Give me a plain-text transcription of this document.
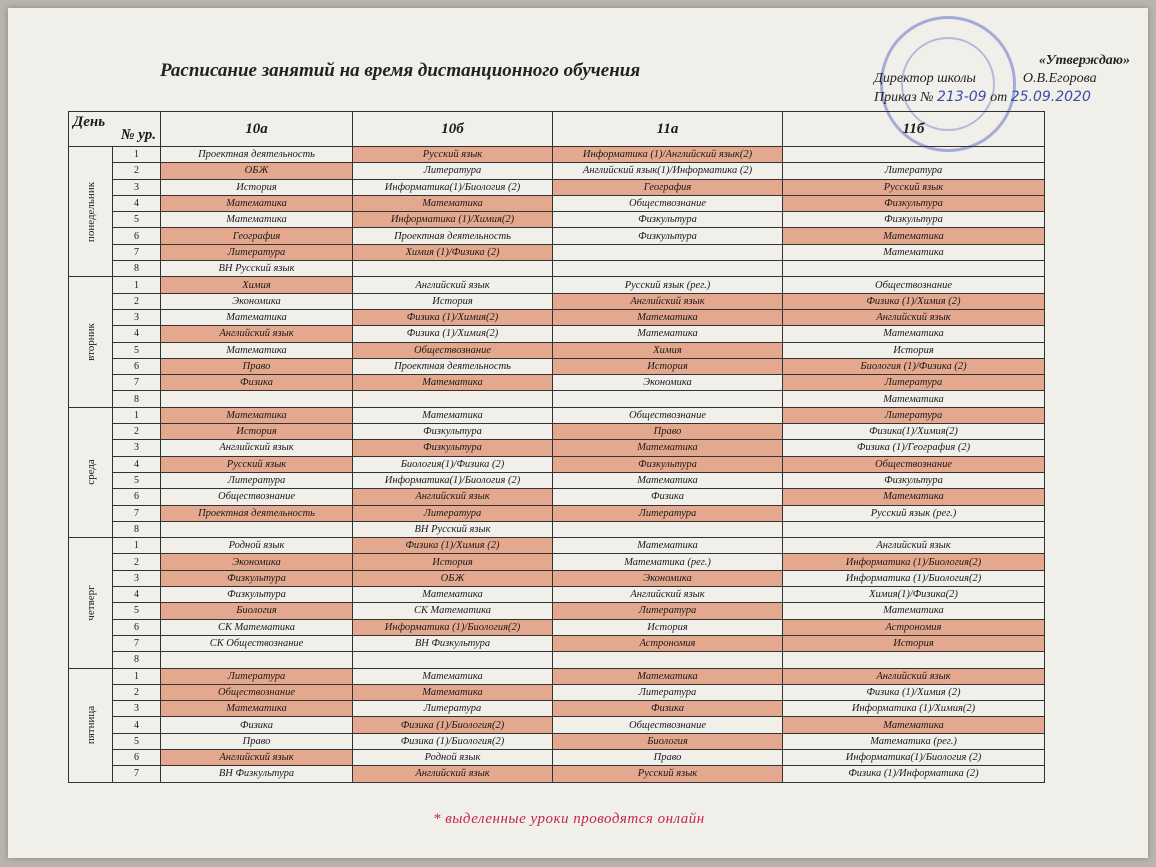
Расписание занятий на время дистанционного обучения	«Утверждаю»
Директор школы	О.В.Егорова
Приказ № 213-09 от 25.09.2020
День
№ ур.		10а	10б	11а	11б

понедельник	1	Проектная деятельность	Русский язык	Информатика (1)/Английский язык(2)	
	2	ОБЖ	Литература	Английский язык(1)/Информатика (2)	Литература
	3	История	Информатика(1)/Биология (2)	География	Русский язык
	4	Математика	Математика	Обществознание	Физкультура
	5	Математика	Информатика (1)/Химия(2)	Физкультура	Физкультура
	6	География	Проектная деятельность	Физкультура	Математика
	7	Литература	Химия (1)/Физика (2)		Математика
	8	ВН Русский язык			

вторник	1	Химия	Английский язык	Русский язык (рег.)	Обществознание
	2	Экономика	История	Английский язык	Физика (1)/Химия (2)
	3	Математика	Физика (1)/Химия(2)	Математика	Английский язык
	4	Английский язык	Физика (1)/Химия(2)	Математика	Математика
	5	Математика	Обществознание	Химия	История
	6	Право	Проектная деятельность	История	Биология (1)/Физика (2)
	7	Физика	Математика	Экономика	Литература
	8				Математика

среда	1	Математика	Математика	Обществознание	Литература
	2	История	Физкультура	Право	Физика(1)/Химия(2)
	3	Английский язык	Физкультура	Математика	Физика (1)/География (2)
	4	Русский язык	Биология(1)/Физика (2)	Физкультура	Обществознание
	5	Литература	Информатика(1)/Биология (2)	Математика	Физкультура
	6	Обществознание	Английский язык	Физика	Математика
	7	Проектная деятельность	Литература	Литература	Русский язык (рег.)
	8		ВН Русский язык		

четверг	1	Родной язык	Физика (1)/Химия (2)	Математика	Английский язык
	2	Экономика	История	Математика (рег.)	Информатика (1)/Биология(2)
	3	Физкультура	ОБЖ	Экономика	Информатика (1)/Биология(2)
	4	Физкультура	Математика	Английский язык	Химия(1)/Физика(2)
	5	Биология	СК Математика	Литература	Математика
	6	СК Математика	Информатика (1)/Биология(2)	История	Астрономия
	7	СК Обществознание	ВН Физкультура	Астрономия	История
	8				

пятница	1	Литература	Математика	Математика	Английский язык
	2	Обществознание	Математика	Литература	Физика (1)/Химия (2)
	3	Математика	Литература	Физика	Информатика (1)/Химия(2)
	4	Физика	Физика (1)/Биология(2)	Обществознание	Математика
	5	Право	Физика (1)/Биология(2)	Биология	Математика (рег.)
	6	Английский язык	Родной язык	Право	Информатика(1)/Биология (2)
	7	ВН Физкультура	Английский язык	Русский язык	Физика (1)/Информатика (2)
* выделенные уроки проводятся онлайн
